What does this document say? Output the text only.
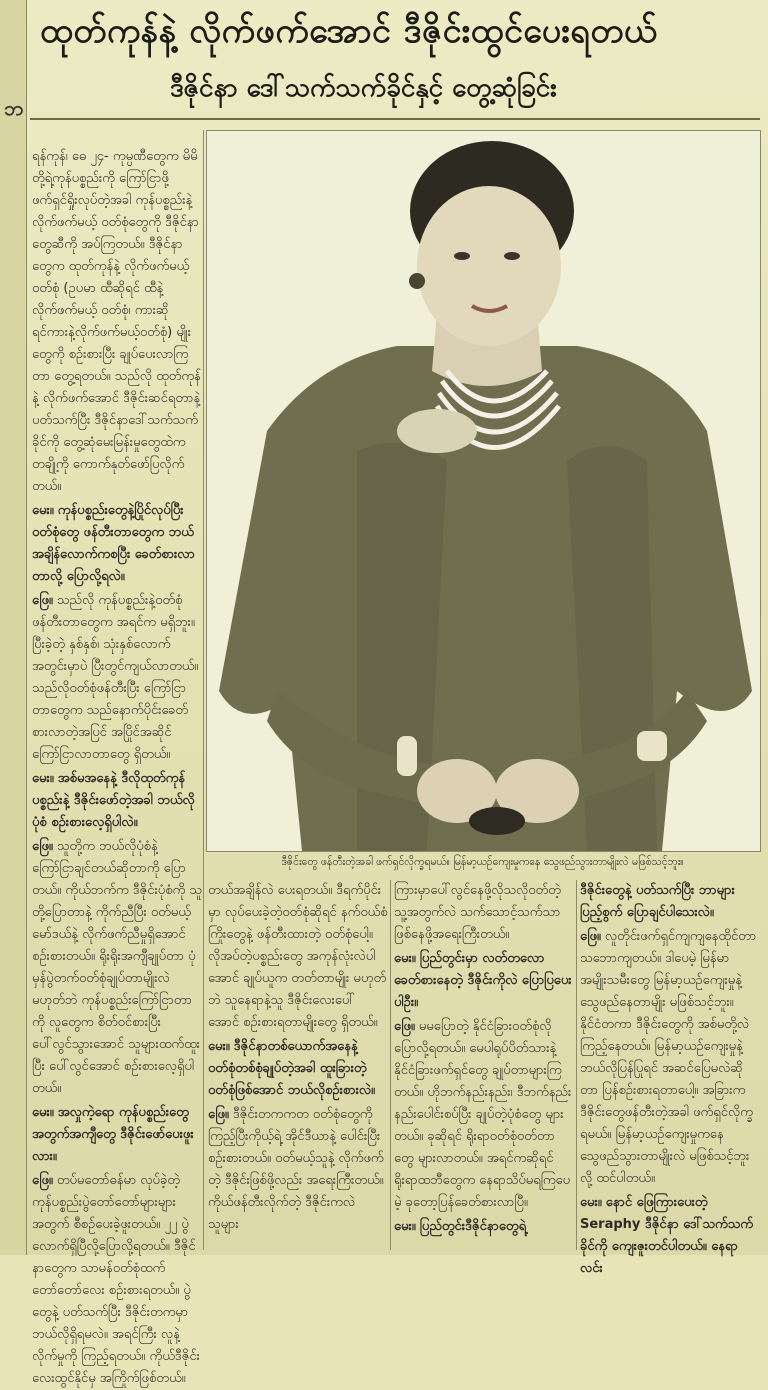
ဘ
ထုတ်ကုန်နဲ့ လိုက်ဖက်အောင် ဒီဇိုင်းထွင်ပေးရတယ်
ဒီဇိုင်နာ ဒေါ်သက်သက်ခိုင်နှင့် တွေ့ဆုံခြင်း

ရန်ကုန်၊ ဓေ ၂၄- ကုမ္ပဏီတွေက မိမိတို့ရဲ့ကုန်ပစ္စည်းကို ကြော်ငြာဖို့ ဖက်ရှင်ရှိုးလုပ်တဲ့အခါ ကုန်ပစ္စည်းနဲ့ လိုက်ဖက်မယ့် ဝတ်စုံတွေကို ဒီဇိုင်နာတွေဆီကို အပ်ကြတယ်။ ဒီဇိုင်နာတွေက ထုတ်ကုန်နဲ့ လိုက်ဖက်မယ့်ဝတ်စုံ (ဥပမာ ထီဆိုရင် ထီနဲ့ လိုက်ဖက်မယ့် ဝတ်စုံ၊ ကားဆိုရင်ကားနဲ့လိုက်ဖက်မယ့်ဝတ်စုံ) မျိုးတွေကို စဉ်းစားပြီး ချုပ်ပေးလာကြတာ တွေ့ရတယ်။ သည်လို ထုတ်ကုန်နဲ့ လိုက်ဖက်အောင် ဒီဇိုင်းဆင်ရတာနဲ့ ပတ်သက်ပြီး ဒီဇိုင်နာဒေါ်သက်သက်ခိုင်ကို တွေ့ဆုံမေးမြန်းမှုတွေထဲက တချို့ကို ကောက်နုတ်ဖော်ပြလိုက်တယ်။

မေး။ ကုန်ပစ္စည်းတွေနဲ့ပြိုင်လုပ်ပြီး ဝတ်စုံတွေ ဖန်တီးတာတွေက ဘယ်အချိန်လောက်ကစပြီး ခေတ်စားလာတာလို့ ပြောလို့ရလဲ။

ဖြေ။ သည်လို ကုန်ပစ္စည်းနဲ့ဝတ်စုံဖန်တီးတာတွေက အရင်က မရှိဘူး။ ပြီးခဲ့တဲ့ နှစ်နှစ်၊ သုံးနှစ်လောက်အတွင်းမှာပဲ ပြီးတွင်ကျယ်လာတယ်။ သည်လိုဝတ်စုံဖန်တီးပြီး ကြော်ငြာတာတွေက သည်နောက်ပိုင်းခေတ်စားလာတဲ့အပြင် အပြိုင်အဆိုင် ကြော်ငြာလာတာတွေ ရှိတယ်။

မေး။ အစ်မအနေနဲ့ ဒီလိုထုတ်ကုန်ပစ္စည်းနဲ့ ဒီဇိုင်းဖော်တဲ့အခါ ဘယ်လိုပုံစံ စဉ်းစားလေ့ရှိပါလဲ။

ဖြေ။ သူတို့က ဘယ်လိုပုံစံနဲ့ ကြော်ငြာချင်တယ်ဆိုတာကို ပြောတယ်။ ကိုယ်ဘက်က ဒီဇိုင်းပုံစံကို သူတို့ပြောတာနဲ့ ကိုက်ညီပြီး ဝတ်မယ့် မော်ဒယ်နဲ့ လိုက်ဖက်ညီမှုရှိအောင် စဉ်းစားတယ်။ ရိုးရိုးအကျီချုပ်တာ ပုံမှန်ပွဲတက်ဝတ်စုံချုပ်တာမျိုးလဲ မဟုတ်ဘဲ ကုန်ပစ္စည်းကြော်ငြာတာကို လူတွေက စိတ်ဝင်စားပြီး ပေါ်လွင်သွားအောင် သူများထက်ထူးပြီး ပေါ်လွင်အောင် စဉ်းစားလေ့ရှိပါတယ်။

မေး။ အလှုကဲ့ရော ကုန်ပစ္စည်းတွေအတွက်အကျီတွေ ဒီဇိုင်းဖော်ပေးဖူးလား။

ဖြေ။ တပ်မတော်ဓန်မာ လုပ်ခဲ့တဲ့ ကုန်ပစ္စည်းပွဲတော်တော်များများအတွက် စီစဉ်ပေးခဲ့ဖူးတယ်။ ၂၂ ပွဲလောက်ရှိပြီလို့ပြောလို့ရတယ်။ ဒီဇိုင်နာတွေက သာမန်ဝတ်စုံထက် တော်တော်လေး စဉ်းစားရတယ်။ ပွဲတွေနဲ့ ပတ်သက်ပြီး ဒီဇိုင်းတကမှာ ဘယ်လိုရှိရမလဲ။ အရင်ကြီး လူနဲ့လိုက်မှုကို ကြည့်ရတယ်။ ကိုယ်ဒီဇိုင်းလေးထွင်နိုင်မှ အကြိုက်ဖြစ်တယ်။

ဒီဇိုင်းတွေ ဖန်တီးတဲ့အခါ ဖက်ရှင်လိုက္ခရမယ်။ မြန်မာ့ယဉ်ကျေးမှုကနေ သွေဖည်သွားတာမျိုးလဲ မဖြစ်သင့်ဘူး။

တယ်အချိန်လဲ ပေးရတယ်။ ဒီရက်ပိုင်းမှာ လုပ်ပေးခဲ့တဲ့ဝတ်စုံဆိုရင် နက်ဝယ်စံ ကြိုးတွေနဲ့ ဖန်တီးထားတဲ့ ဝတ်စုံပေါ့။ လိုအပ်တဲ့ပစ္စည်းတွေ အကုန်လုံးလဲပါအောင် ချုပ်ယူက တတ်တာမျိုး မဟုတ်ဘဲ သူနေရာနဲ့သူ ဒီဇိုင်းလေးပေါ် အောင် စဉ်းစားရတာမျိုးတွေ ရှိတယ်။

မေး။ ဒီဇိုင်နာတစ်ယောက်အနေနဲ့ ဝတ်စုံတစ်စုံချုပ်တဲ့အခါ ထူးခြားတဲ့ဝတ်စုံဖြစ်အောင် ဘယ်လိုစဉ်းစားလဲ။

ဖြေ။ ဒီဇိုင်းတကကတ ဝတ်စုံတွေကို ကြည့်ပြီးကိုယ့်ရဲ့ အိုင်ဒီယာနဲ့ ပေါင်းပြီး စဉ်းစားတယ်။ ဝတ်မယ့်သူနဲ့ လိုက်ဖက်တဲ့ ဒီဇိုင်းဖြစ်ဖို့လည်း အရေးကြီးတယ်။ ကိုယ်ဖန်တီးလိုက်တဲ့ ဒီဇိုင်းကလဲ သူများ

ကြားမှာပေါ်လွင်နေဖို့လိုသလိုဝတ်တဲ့ သူ့အတွက်လဲ သက်သောင့်သက်သာဖြစ်နေဖို့အရေးကြီးတယ်။

မေး။ ပြည်တွင်းမှာ လတ်တလော ခေတ်စားနေတဲ့ ဒီဇိုင်းကိုလဲ ပြောပြပေးပါဦး။

ဖြေ။ မမပြောတဲ့ နိုင်ငံခြားဝတ်စုံလို ပြောလို့ရတယ်။ မေပါရုပ်ပိတ်သားနဲ့ နိုင်ငံခြားဖက်ရှင်တွေ ချုပ်တာများကြတယ်။ ဟိုဘက်နည်းနည်း၊ ဒီဘက်နည်းနည်းပေါင်းစပ်ပြီး ချုပ်တဲ့ပုံစံတွေ များတယ်။ ခုဆိုရင် ရိုးရာဝတ်စုံဝတ်တာတွေ များလာတယ်။ အရင်ကဆိုရင် ရိုးရာထဘီတွေက နေရာသိပ်မရကြပေမဲ့ ခုတော့ပြန်ခေတ်စားလာပြီ။

မေး။ ပြည်တွင်းဒီဇိုင်နာတွေရဲ့

ဒီဇိုင်းတွေနဲ့ ပတ်သက်ပြီး ဘာများ ပြည့်စွက် ပြောချင်ပါသေးလဲ။

ဖြေ။ လူတိုင်းဖက်ရှင်ကျကျနေထိုင်တာ သဘောကျတယ်။ ဒါပေမဲ့ မြန်မာအမျိုးသမီးတွေ မြန်မာ့ယဉ်ကျေးမှုနဲ့ သွေဖည်နေတာမျိုး မဖြစ်သင့်ဘူး။ နိုင်ငံတကာ ဒီဇိုင်းတွေကို အစ်မတို့လဲ ကြည့်နေတယ်။ မြန်မာ့ယဉ်ကျေးမှုနဲ့ ဘယ်လိုပြန်ပြုရင် အဆင်ပြေမလဲဆိုတာ ပြန်စဉ်းစားရတာပေါ့။ အခြားက ဒီဇိုင်းတွေဖန်တီးတဲ့အခါ ဖက်ရှင်လိုက္ခရမယ်။ မြန်မာ့ယဉ်ကျေးမှုကနေ သွေဖည်သွားတာမျိုးလဲ မဖြစ်သင့်ဘူးလို့ ထင်ပါတယ်။

မေး။ နောင် ဖြေကြားပေးတဲ့ Seraphy ဒီဇိုင်နာ ဒေါ်သက်သက်ခိုင်ကို ကျေးဇူးတင်ပါတယ်။ နေရာလင်း
